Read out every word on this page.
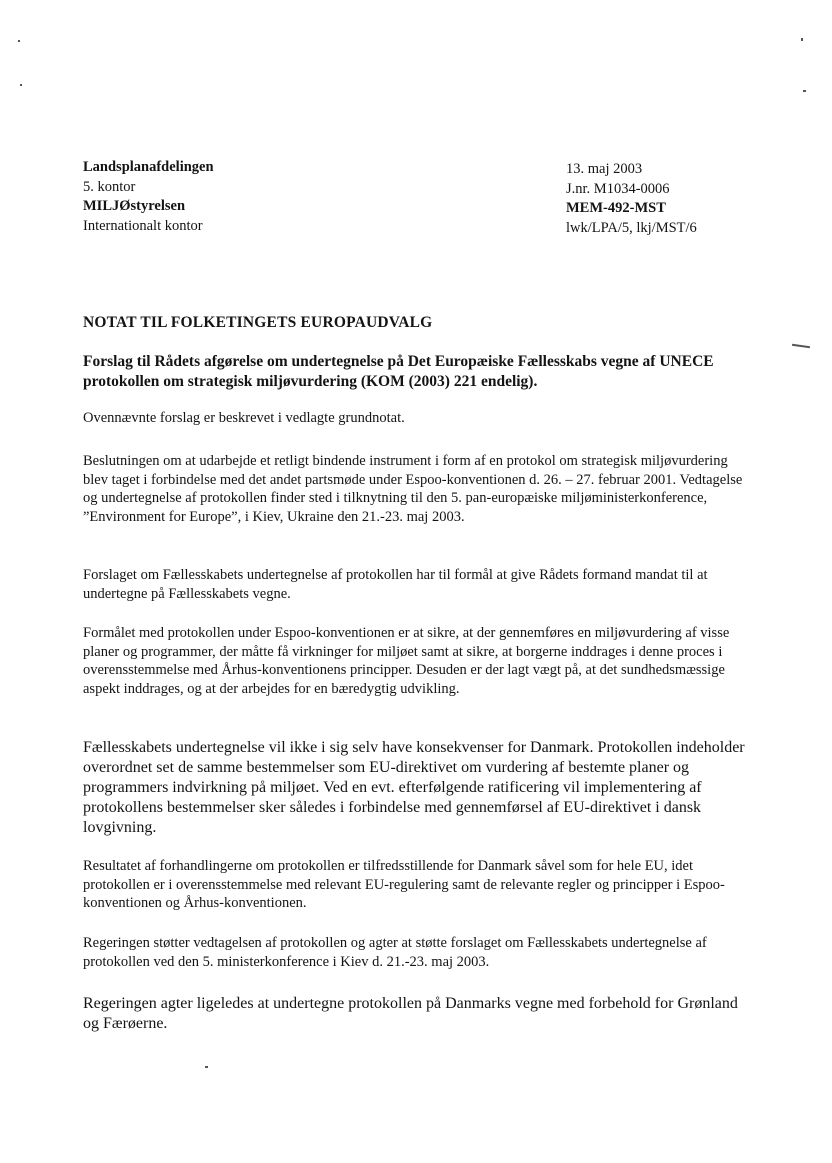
Landsplanafdelingen
5. kontor
MILJØstyrelsen
Internationalt kontor
13. maj 2003
J.nr. M1034-0006
MEM-492-MST
lwk/LPA/5, lkj/MST/6
NOTAT TIL FOLKETINGETS EUROPAUDVALG
Forslag til Rådets afgørelse om undertegnelse på Det Europæiske Fællesskabs vegne af UNECE protokollen om strategisk miljøvurdering (KOM (2003) 221 endelig).

Ovennævnte forslag er beskrevet i vedlagte grundnotat.

Beslutningen om at udarbejde et retligt bindende instrument i form af en protokol om strategisk miljøvurdering blev taget i forbindelse med det andet partsmøde under Espoo-konventionen d. 26. – 27. februar 2001. Vedtagelse og undertegnelse af protokollen finder sted i tilknytning til den 5. pan-europæiske miljøministerkonference, ”Environment for Europe”, i Kiev, Ukraine den 21.-23. maj 2003.

Forslaget om Fællesskabets undertegnelse af protokollen har til formål at give Rådets formand mandat til at undertegne på Fællesskabets vegne.

Formålet med protokollen under Espoo-konventionen er at sikre, at der gennemføres en miljøvurdering af visse planer og programmer, der måtte få virkninger for miljøet samt at sikre, at borgerne inddrages i denne proces i overensstemmelse med Århus-konventionens principper. Desuden er der lagt vægt på, at det sundhedsmæssige aspekt inddrages, og at der arbejdes for en bæredygtig udvikling.

Fællesskabets undertegnelse vil ikke i sig selv have konsekvenser for Danmark. Protokollen indeholder overordnet set de samme bestemmelser som EU-direktivet om vurdering af bestemte planer og programmers indvirkning på miljøet. Ved en evt. efterfølgende ratificering vil implementering af protokollens bestemmelser sker således i forbindelse med gennemførsel af EU-direktivet i dansk lovgivning.

Resultatet af forhandlingerne om protokollen er tilfredsstillende for Danmark såvel som for hele EU, idet protokollen er i overensstemmelse med relevant EU-regulering samt de relevante regler og principper i Espoo-konventionen og Århus-konventionen.

Regeringen støtter vedtagelsen af protokollen og agter at støtte forslaget om Fællesskabets undertegnelse af protokollen ved den 5. ministerkonference i Kiev d. 21.-23. maj 2003.

Regeringen agter ligeledes at undertegne protokollen på Danmarks vegne med forbehold for Grønland og Færøerne.
